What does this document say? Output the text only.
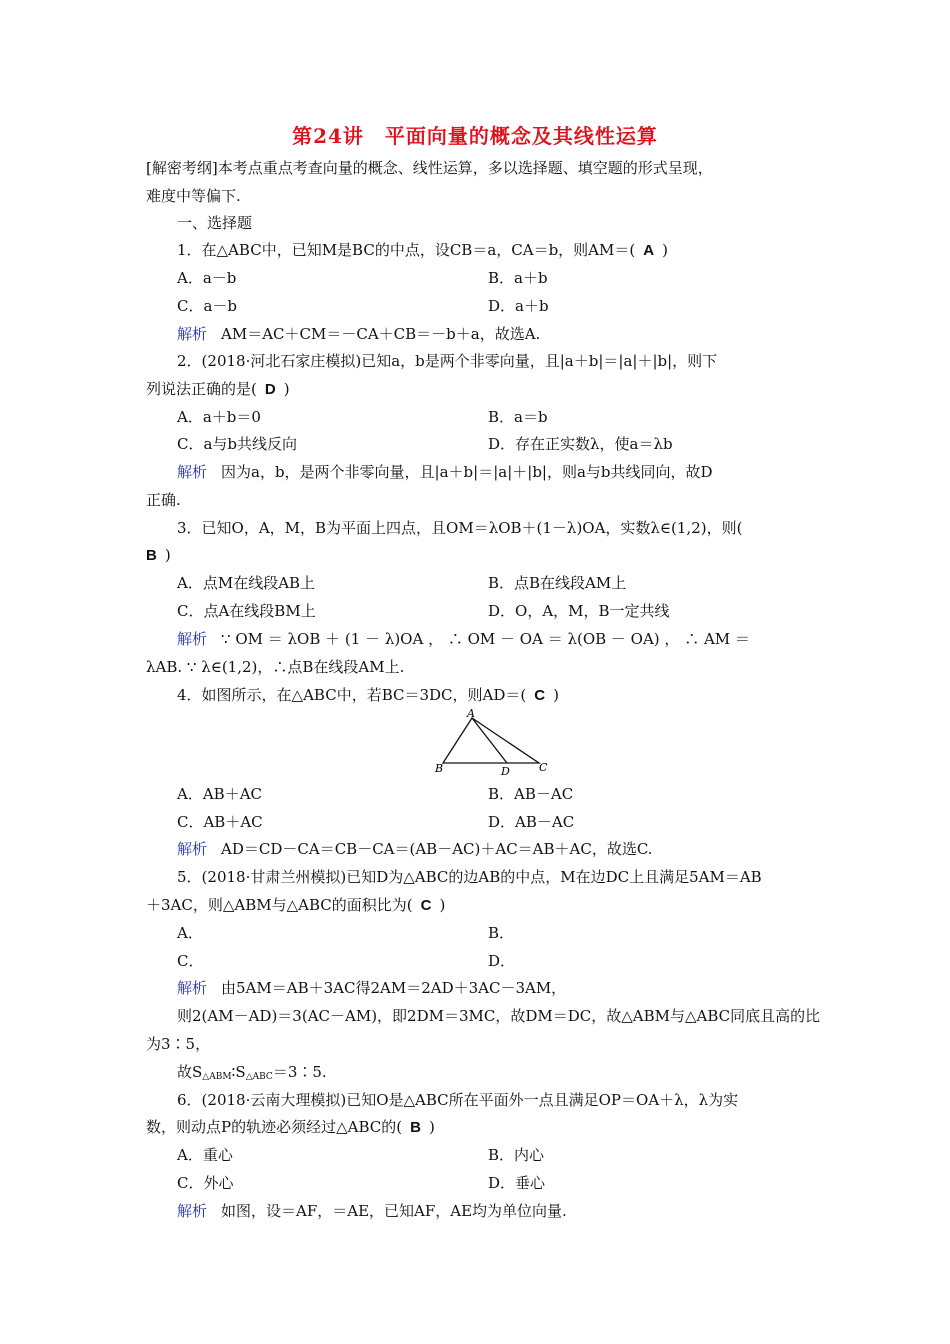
第24讲　平面向量的概念及其线性运算
[解密考纲]本考点重点考查向量的概念、线性运算，多以选择题、填空题的形式呈现，
难度中等偏下.
一、选择题
1．在△ABC中，已知M是BC的中点，设CB＝a，CA＝b，则AM＝( A )
A．a－b	B．a＋b
C．a－b	D．a＋b
解析 AM＝AC＋CM＝－CA＋CB＝－b＋a，故选A.
2．(2018·河北石家庄模拟)已知a，b是两个非零向量，且|a＋b|＝|a|＋|b|，则下
列说法正确的是( D )
A．a＋b＝0	B．a＝b
C．a与b共线反向	D．存在正实数λ，使a＝λb
解析 因为a，b，是两个非零向量，且|a＋b|＝|a|＋|b|，则a与b共线同向，故D
正确.
3．已知O，A，M，B为平面上四点，且OM＝λOB＋(1－λ)OA，实数λ∈(1,2)，则(
B )
A．点M在线段AB上	B．点B在线段AM上
C．点A在线段BM上	D．O，A，M，B一定共线
解析 ∵ OM ＝ λOB ＋ (1 － λ)OA ， ∴ OM － OA ＝ λ(OB － OA) ， ∴ AM ＝
λAB. ∵ λ∈(1,2)，∴点B在线段AM上.
4．如图所示，在△ABC中，若BC＝3DC，则AD＝( C )
A
B	D	C
A．AB＋AC	B．AB－AC
C．AB＋AC	D．AB－AC
解析 AD＝CD－CA＝CB－CA＝(AB－AC)＋AC＝AB＋AC，故选C.
5．(2018·甘肃兰州模拟)已知D为△ABC的边AB的中点，M在边DC上且满足5AM＝AB
＋3AC，则△ABM与△ABC的面积比为( C )
A．	B．
C．	D．
解析 由5AM＝AB＋3AC得2AM＝2AD＋3AC－3AM，
则2(AM－AD)＝3(AC－AM)，即2DM＝3MC，故DM＝DC，故△ABM与△ABC同底且高的比
为3∶5，
故$S_{\triangle ABM}∶S_{\triangle ABC}=3∶5$.
6．(2018·云南大理模拟)已知O是△ABC所在平面外一点且满足OP＝OA＋λ，λ为实
数，则动点P的轨迹必须经过△ABC的( B )
A．重心	B．内心
C．外心	D．垂心
解析 如图，设＝AF，＝AE，已知AF，AE均为单位向量.
